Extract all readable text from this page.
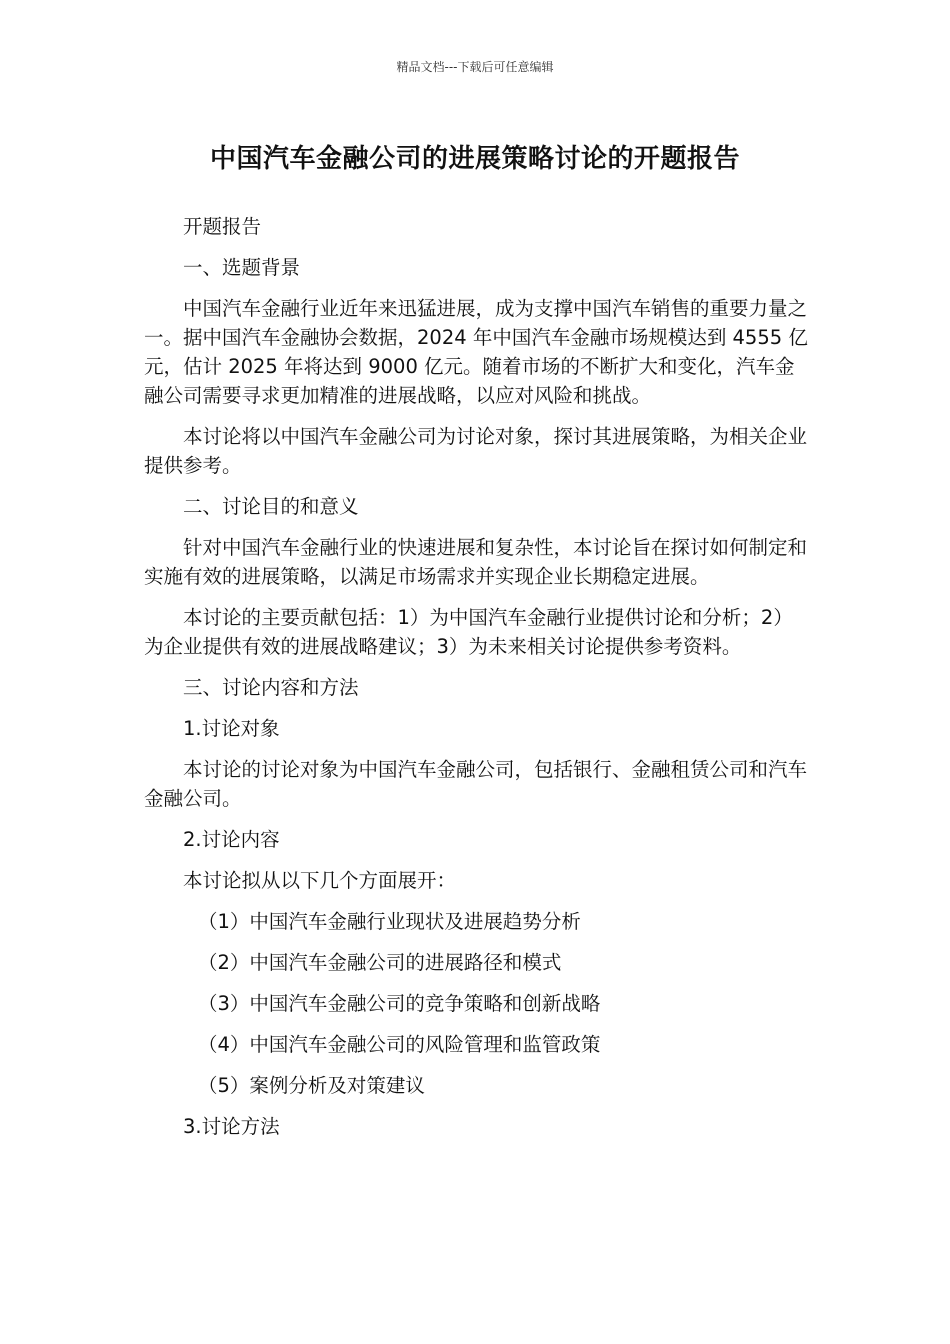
精品文档---下载后可任意编辑
中国汽车金融公司的进展策略讨论的开题报告

开题报告

一、选题背景

中国汽车金融行业近年来迅猛进展，成为支撑中国汽车销售的重要力量之一。据中国汽车金融协会数据，2024 年中国汽车金融市场规模达到 4555 亿元，估计 2025 年将达到 9000 亿元。随着市场的不断扩大和变化，汽车金融公司需要寻求更加精准的进展战略，以应对风险和挑战。

本讨论将以中国汽车金融公司为讨论对象，探讨其进展策略，为相关企业提供参考。

二、讨论目的和意义

针对中国汽车金融行业的快速进展和复杂性，本讨论旨在探讨如何制定和实施有效的进展策略，以满足市场需求并实现企业长期稳定进展。

本讨论的主要贡献包括：1）为中国汽车金融行业提供讨论和分析；2）为企业提供有效的进展战略建议；3）为未来相关讨论提供参考资料。

三、讨论内容和方法

1.讨论对象

本讨论的讨论对象为中国汽车金融公司，包括银行、金融租赁公司和汽车金融公司。

2.讨论内容

本讨论拟从以下几个方面展开：

（1）中国汽车金融行业现状及进展趋势分析

（2）中国汽车金融公司的进展路径和模式

（3）中国汽车金融公司的竞争策略和创新战略

（4）中国汽车金融公司的风险管理和监管政策

（5）案例分析及对策建议

3.讨论方法
